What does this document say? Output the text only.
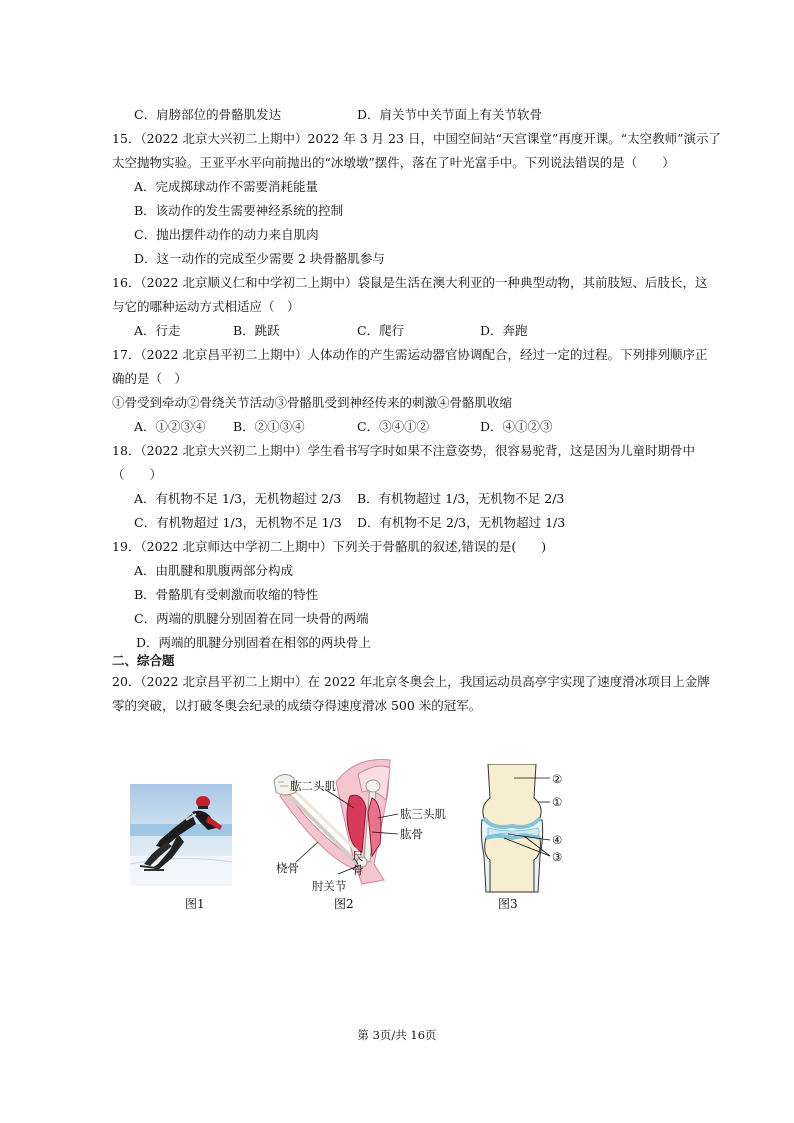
C．肩膀部位的骨骼肌发达	D．肩关节中关节面上有关节软骨
15．（2022 北京大兴初二上期中）2022 年 3 月 23 日，中国空间站“天宫课堂”再度开课。“太空教师”演示了
太空抛物实验。王亚平水平向前抛出的“冰墩墩”摆件，落在了叶光富手中。下列说法错误的是（　　）
A．完成掷球动作不需要消耗能量
B．该动作的发生需要神经系统的控制
C．抛出摆件动作的动力来自肌肉
D．这一动作的完成至少需要 2 块骨骼肌参与
16．（2022 北京顺义仁和中学初二上期中）袋鼠是生活在澳大利亚的一种典型动物，其前肢短、后肢长，这
与它的哪种运动方式相适应（　）
A．行走	B．跳跃	C．爬行	D．奔跑
17．（2022 北京昌平初二上期中）人体动作的产生需运动器官协调配合，经过一定的过程。下列排列顺序正
确的是（　）
①骨受到牵动②骨绕关节活动③骨骼肌受到神经传来的刺激④骨骼肌收缩
A．①②③④ B．②①③④	C．③④①②	D．④①②③
18．（2022 北京大兴初二上期中）学生看书写字时如果不注意姿势，很容易驼背，这是因为儿童时期骨中
（　　）
A．有机物不足 1/3，无机物超过 2/3 B．有机物超过 1/3，无机物不足 2/3
C．有机物超过 1/3，无机物不足 1/3 D．有机物不足 2/3，无机物超过 1/3
19．（2022 北京师达中学初二上期中）下列关于骨骼肌的叙述,错误的是(　　)
A．由肌腱和肌腹两部分构成
B．骨骼肌有受刺激而收缩的特性
C．两端的肌腱分别固着在同一块骨的两端
D．两端的肌腱分别固着在相邻的两块骨上
二、综合题
20．（2022 北京昌平初二上期中）在 2022 年北京冬奥会上，我国运动员高亭宇实现了速度滑冰项目上金牌
零的突破，以打破冬奥会纪录的成绩夺得速度滑冰 500 米的冠军。
图1
肱二头肌
肱三头肌
肱骨
桡骨
尺
骨
肘关节
图2
②
①
④
③
图3
第 3页/共 16页
